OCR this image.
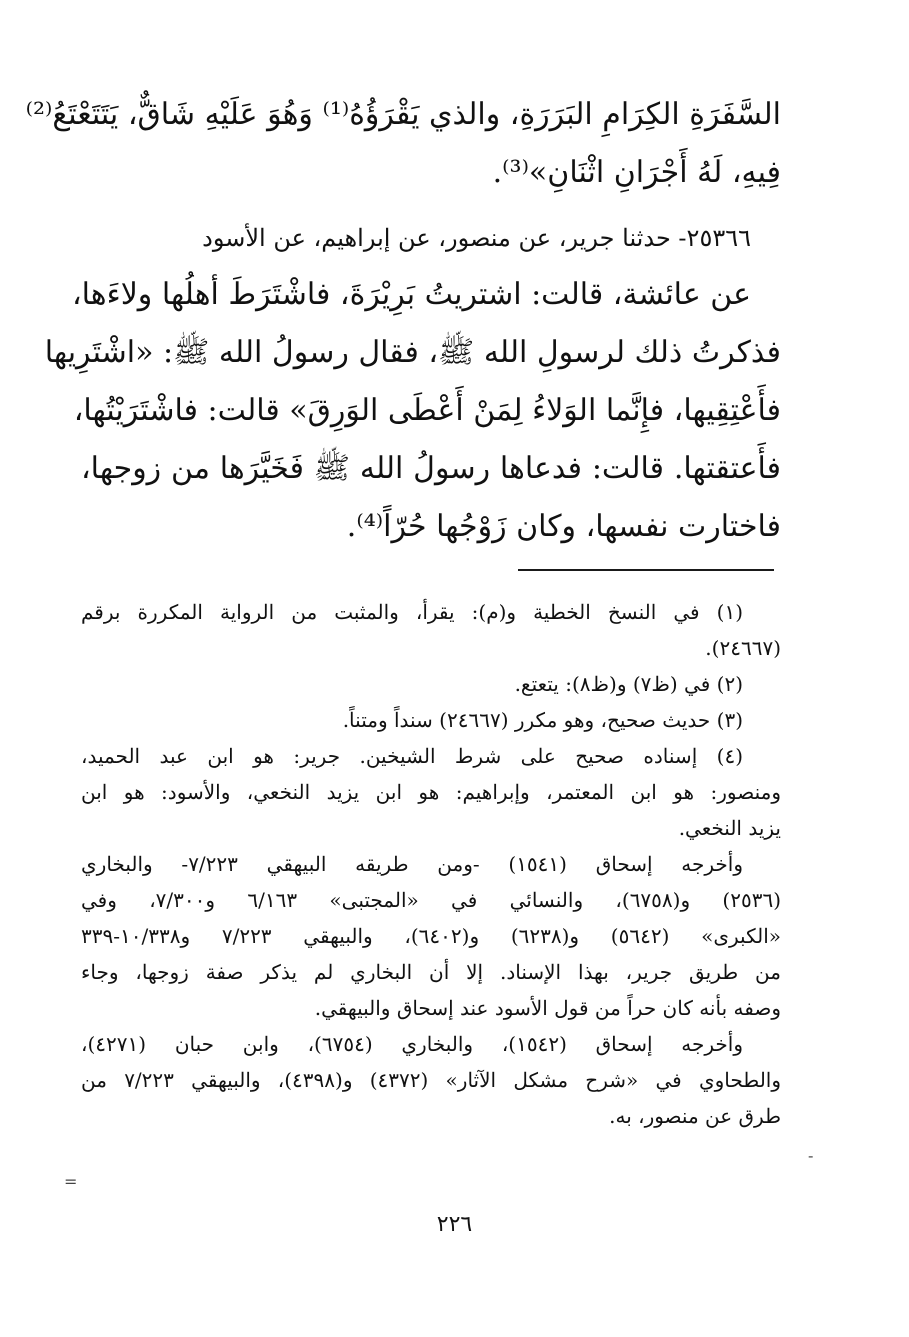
السَّفَرَةِ الكِرَامِ البَرَرَةِ، والذي يَقْرَؤُهُ⁽¹⁾ وَهُوَ عَلَيْهِ شَاقٌّ، يَتَتَعْتَعُ⁽²⁾
فِيهِ، لَهُ أَجْرَانِ اثْنَانِ»⁽³⁾.
٢٥٣٦٦- حدثنا جرير، عن منصور، عن إبراهيم، عن الأسود
عن عائشة، قالت: اشتريتُ بَرِيْرَةَ، فاشْتَرَطَ أهلُها ولاءَها،
فذكرتُ ذلك لرسولِ الله ﷺ، فقال رسولُ الله ﷺ: «اشْتَرِيها
فأَعْتِقِيها، فإِنَّما الوَلاءُ لِمَنْ أَعْطَى الوَرِقَ» قالت: فاشْتَرَيْتُها،
فأَعتقتها. قالت: فدعاها رسولُ الله ﷺ فَخَيَّرَها من زوجها،
فاختارت نفسها، وكان زَوْجُها حُرّاً⁽⁴⁾.
(١) في النسخ الخطية و(م): يقرأ، والمثبت من الرواية المكررة برقم
(٢٤٦٦٧).
(٢) في (ظ٧) و(ظ٨): يتعتع.
(٣) حديث صحيح، وهو مكرر (٢٤٦٦٧) سنداً ومتناً.
(٤) إسناده صحيح على شرط الشيخين. جرير: هو ابن عبد الحميد،
ومنصور: هو ابن المعتمر، وإبراهيم: هو ابن يزيد النخعي، والأسود: هو ابن
يزيد النخعي.
وأخرجه إسحاق (١٥٤١) -ومن طريقه البيهقي ٧/٢٢٣- والبخاري
(٢٥٣٦) و(٦٧٥٨)، والنسائي في «المجتبى» ٦/١٦٣ و٧/٣٠٠، وفي
«الكبرى» (٥٦٤٢) و(٦٢٣٨) و(٦٤٠٢)، والبيهقي ٧/٢٢٣ و١٠/٣٣٨-٣٣٩
من طريق جرير، بهذا الإسناد. إلا أن البخاري لم يذكر صفة زوجها، وجاء
وصفه بأنه كان حراً من قول الأسود عند إسحاق والبيهقي.
وأخرجه إسحاق (١٥٤٢)، والبخاري (٦٧٥٤)، وابن حبان (٤٢٧١)،
والطحاوي في «شرح مشكل الآثار» (٤٣٧٢) و(٤٣٩٨)، والبيهقي ٧/٢٢٣ من
طرق عن منصور، به.
٢٢٦
-
=
